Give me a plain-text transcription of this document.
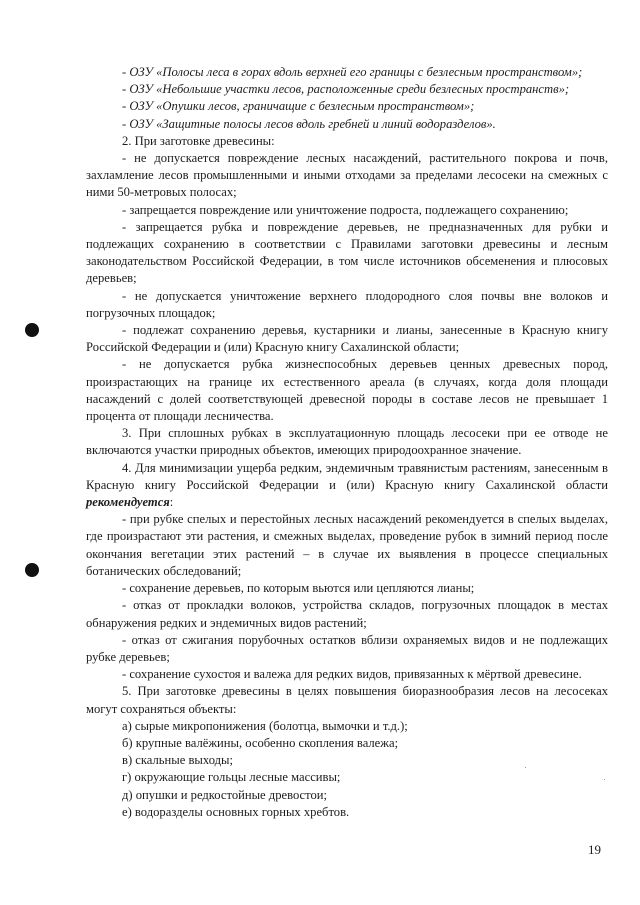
- ОЗУ «Полосы леса в горах вдоль верхней его границы с безлесным пространством»;

- ОЗУ «Небольшие участки лесов, расположенные среди безлесных пространств»;

- ОЗУ «Опушки лесов, граничащие с безлесным пространством»;

- ОЗУ «Защитные полосы лесов вдоль гребней и линий водоразделов».

2. При заготовке древесины:

- не допускается повреждение лесных насаждений, растительного покрова и почв, захламление лесов промышленными и иными отходами за пределами лесосеки на смежных с ними 50-метровых полосах;

- запрещается повреждение или уничтожение подроста, подлежащего сохранению;

- запрещается рубка и повреждение деревьев, не предназначенных для рубки и подлежащих сохранению в соответствии с Правилами заготовки древесины и лесным законодательством Российской Федерации, в том числе источников обсеменения и плюсовых деревьев;

- не допускается уничтожение верхнего плодородного слоя почвы вне волоков и погрузочных площадок;

- подлежат сохранению деревья, кустарники и лианы, занесенные в Красную книгу Российской Федерации и (или) Красную книгу Сахалинской области;

- не допускается рубка жизнеспособных деревьев ценных древесных пород, произрастающих на границе их естественного ареала (в случаях, когда доля площади насаждений с долей соответствующей древесной породы в составе лесов не превышает 1 процента от площади лесничества.

3. При сплошных рубках в эксплуатационную площадь лесосеки при ее отводе не включаются участки природных объектов, имеющих природоохранное значение.

4. Для минимизации ущерба редким, эндемичным травянистым растениям, занесенным в Красную книгу Российской Федерации и (или) Красную книгу Сахалинской области рекомендуется:

- при рубке спелых и перестойных лесных насаждений рекомендуется в спелых выделах, где произрастают эти растения, и смежных выделах, проведение рубок в зимний период после окончания вегетации этих растений – в случае их выявления в процессе специальных ботанических обследований;

- сохранение деревьев, по которым вьются или цепляются лианы;

- отказ от прокладки волоков, устройства складов, погрузочных площадок в местах обнаружения редких и эндемичных видов растений;

- отказ от сжигания порубочных остатков вблизи охраняемых видов и не подлежащих рубке деревьев;

- сохранение сухостоя и валежа для редких видов, привязанных к мёртвой древесине.

5. При заготовке древесины в целях повышения биоразнообразия лесов на лесосеках могут сохраняться объекты:

а) сырые микропонижения (болотца, вымочки и т.д.);

б) крупные валёжины, особенно скопления валежа;

в) скальные выходы;

г) окружающие гольцы лесные массивы;

д) опушки и редкостойные древостои;

е) водоразделы основных горных хребтов.

19
